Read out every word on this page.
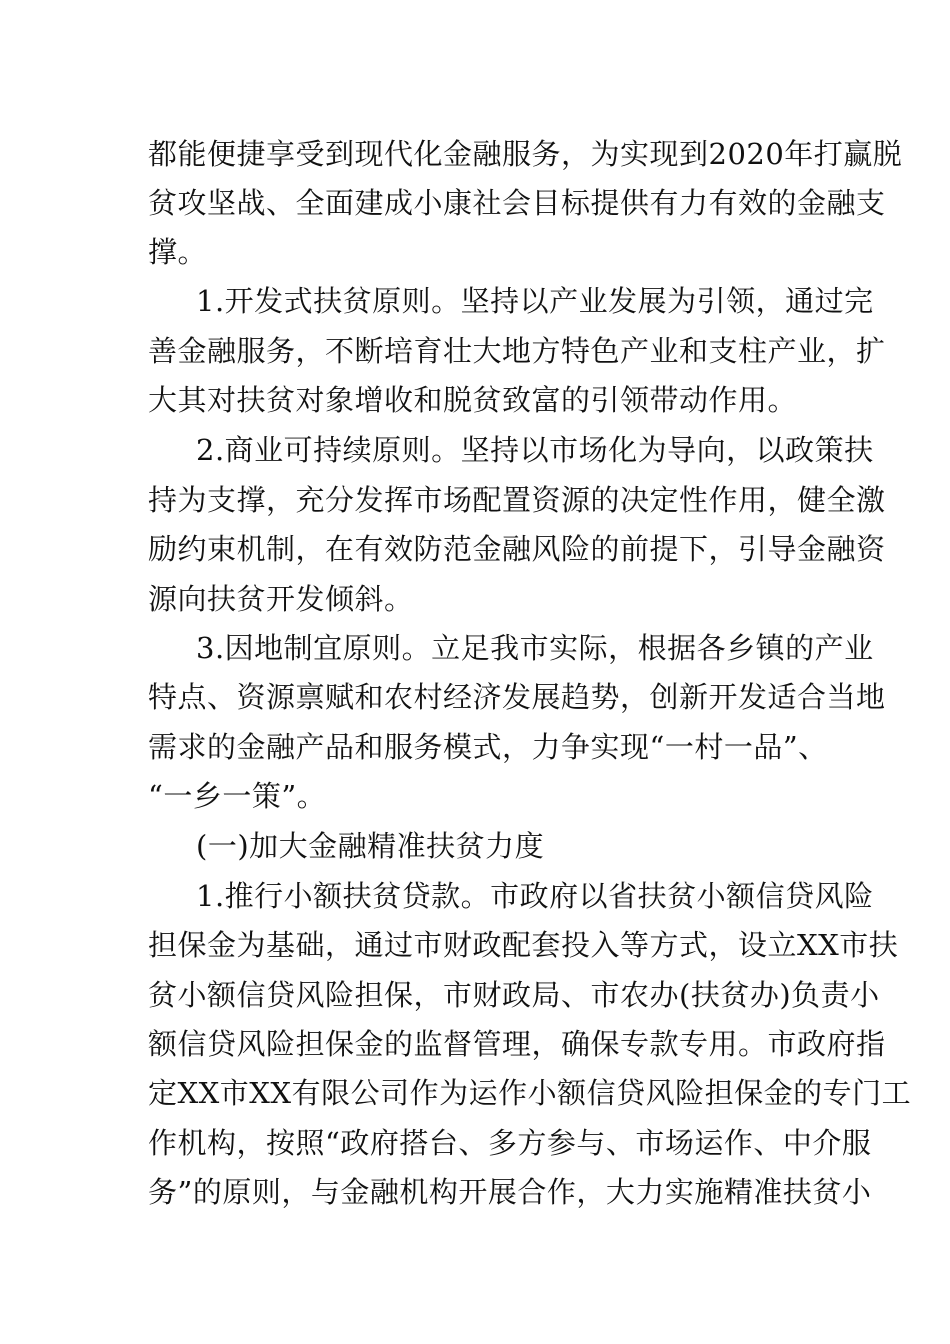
都能便捷享受到现代化金融服务，为实现到2020年打赢脱
贫攻坚战、全面建成小康社会目标提供有力有效的金融支
撑。
1.开发式扶贫原则。坚持以产业发展为引领，通过完
善金融服务，不断培育壮大地方特色产业和支柱产业，扩
大其对扶贫对象增收和脱贫致富的引领带动作用。
2.商业可持续原则。坚持以市场化为导向，以政策扶
持为支撑，充分发挥市场配置资源的决定性作用，健全激
励约束机制，在有效防范金融风险的前提下，引导金融资
源向扶贫开发倾斜。
3.因地制宜原则。立足我市实际，根据各乡镇的产业
特点、资源禀赋和农村经济发展趋势，创新开发适合当地
需求的金融产品和服务模式，力争实现“一村一品”、
“一乡一策”。
(一)加大金融精准扶贫力度
1.推行小额扶贫贷款。市政府以省扶贫小额信贷风险
担保金为基础，通过市财政配套投入等方式，设立XX市扶
贫小额信贷风险担保，市财政局、市农办(扶贫办)负责小
额信贷风险担保金的监督管理，确保专款专用。市政府指
定XX市XX有限公司作为运作小额信贷风险担保金的专门工
作机构，按照“政府搭台、多方参与、市场运作、中介服
务”的原则，与金融机构开展合作，大力实施精准扶贫小
